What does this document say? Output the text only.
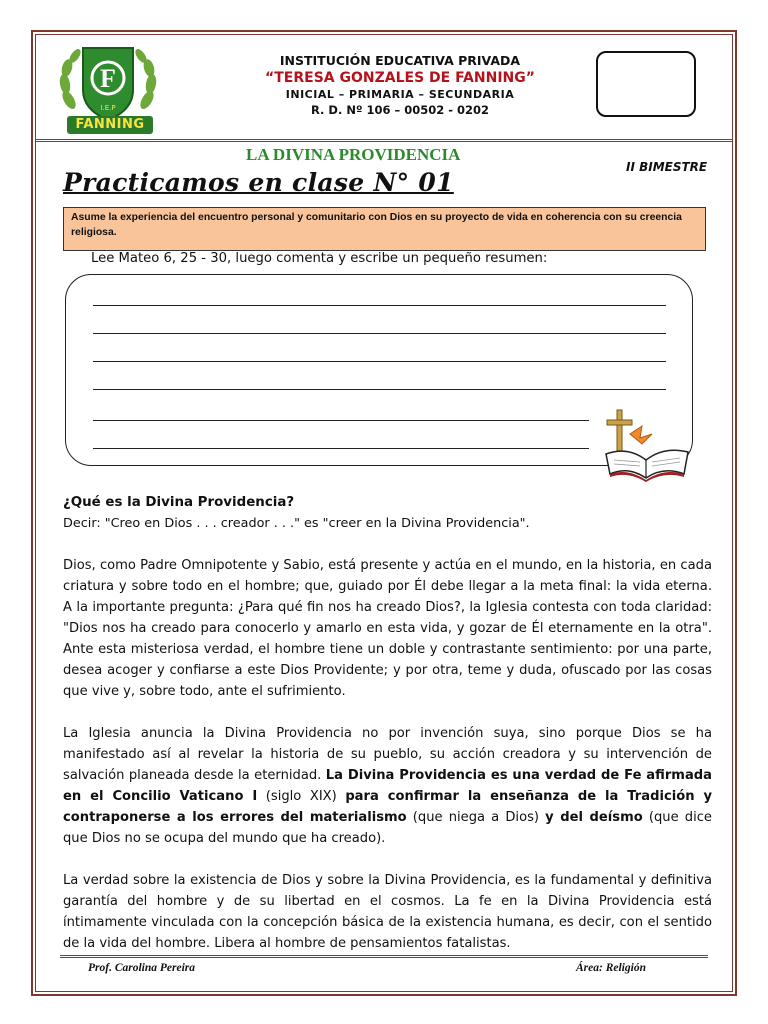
F
I.E.P
FANNING
INSTITUCIÓN EDUCATIVA PRIVADA
“TERESA GONZALES DE FANNING”
INICIAL – PRIMARIA – SECUNDARIA
R. D. Nº 106 – 00502 - 0202
LA DIVINA PROVIDENCIA
II BIMESTRE
Practicamos en clase N° 01
Asume la experiencia del encuentro personal y comunitario con Dios en su proyecto de vida en coherencia con su creencia religiosa.
Lee Mateo 6, 25 - 30, luego comenta y escribe un pequeño resumen:
¿Qué es la Divina Providencia?
Decir: "Creo en Dios . . . creador . . ." es "creer en la Divina Providencia".
Dios, como Padre Omnipotente y Sabio, está presente y actúa en el mundo, en la historia, en cada criatura y sobre todo en el hombre; que, guiado por Él debe llegar a la meta final: la vida eterna. A la importante pregunta: ¿Para qué fin nos ha creado Dios?, la Iglesia contesta con toda claridad: "Dios nos ha creado para conocerlo y amarlo en esta vida, y gozar de Él eternamente en la otra". Ante esta misteriosa verdad, el hombre tiene un doble y contrastante sentimiento: por una parte, desea acoger y confiarse a este Dios Providente; y por otra, teme y duda, ofuscado por las cosas que vive y, sobre todo, ante el sufrimiento.
La Iglesia anuncia la Divina Providencia no por invención suya, sino porque Dios se ha manifestado así al revelar la historia de su pueblo, su acción creadora y su intervención de salvación planeada desde la eternidad. La Divina Providencia es una verdad de Fe afirmada en el Concilio Vaticano I (siglo XIX) para confirmar la enseñanza de la Tradición y contraponerse a los errores del materialismo (que niega a Dios) y del deísmo (que dice que Dios no se ocupa del mundo que ha creado).
La verdad sobre la existencia de Dios y sobre la Divina Providencia, es la fundamental y definitiva garantía del hombre y de su libertad en el cosmos. La fe en la Divina Providencia está íntimamente vinculada con la concepción básica de la existencia humana, es decir, con el sentido de la vida del hombre. Libera al hombre de pensamientos fatalistas.
Prof. Carolina Pereira	Área: Religión
